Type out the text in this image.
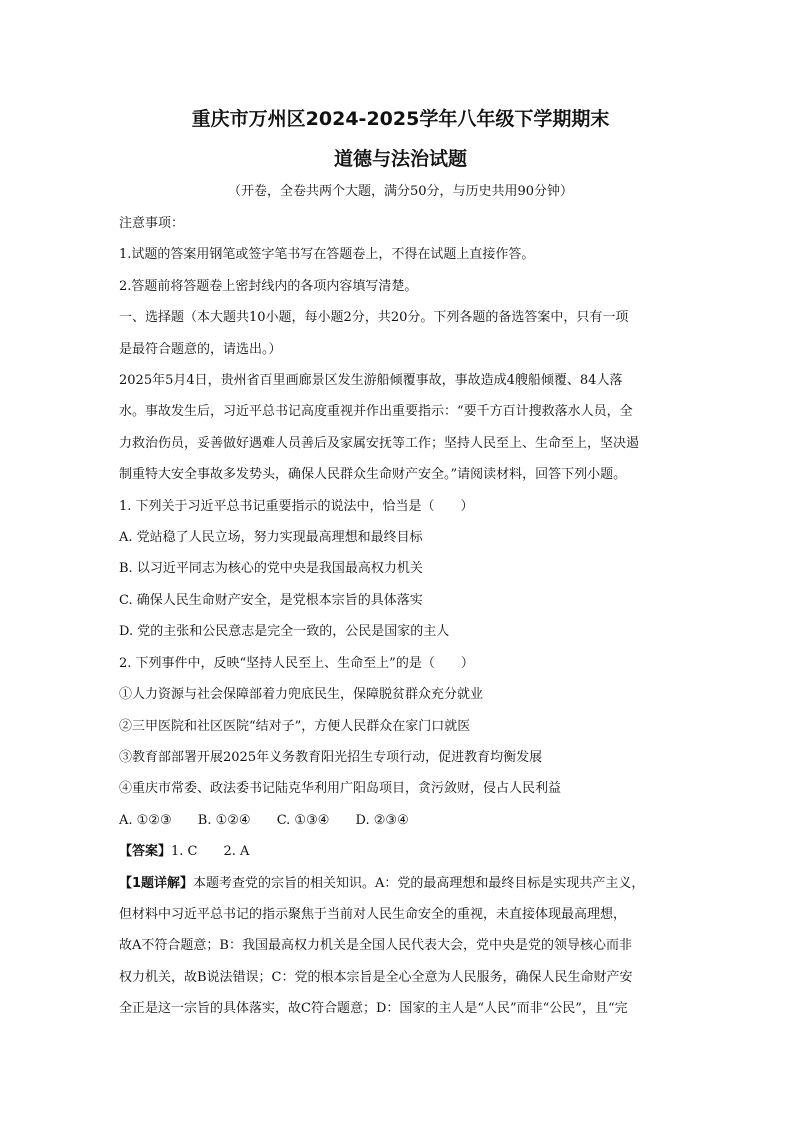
重庆市万州区2024-2025学年八年级下学期期末
道德与法治试题

（开卷，全卷共两个大题，满分50分，与历史共用90分钟）

注意事项：

1.试题的答案用钢笔或签字笔书写在答题卷上，不得在试题上直接作答。

2.答题前将答题卷上密封线内的各项内容填写清楚。

一、选择题（本大题共10小题，每小题2分，共20分。下列各题的备选答案中，只有一项

是最符合题意的，请选出。）

2025年5月4日，贵州省百里画廊景区发生游船倾覆事故，事故造成4艘船倾覆、84人落

水。事故发生后，习近平总书记高度重视并作出重要指示：“要千方百计搜救落水人员，全

力救治伤员，妥善做好遇难人员善后及家属安抚等工作；坚持人民至上、生命至上，坚决遏

制重特大安全事故多发势头，确保人民群众生命财产安全。”请阅读材料，回答下列小题。

1. 下列关于习近平总书记重要指示的说法中，恰当是（　　）

A. 党站稳了人民立场，努力实现最高理想和最终目标

B. 以习近平同志为核心的党中央是我国最高权力机关

C. 确保人民生命财产安全，是党根本宗旨的具体落实

D. 党的主张和公民意志是完全一致的，公民是国家的主人

2. 下列事件中，反映“坚持人民至上、生命至上”的是（　　）

①人力资源与社会保障部着力兜底民生，保障脱贫群众充分就业

②三甲医院和社区医院“结对子”，方便人民群众在家门口就医

③教育部部署开展2025年义务教育阳光招生专项行动，促进教育均衡发展

④重庆市常委、政法委书记陆克华利用广阳岛项目，贪污敛财，侵占人民利益

A. ①②③ B. ①②④ C. ①③④ D. ②③④

【答案】1. C　　2. A

【1题详解】本题考查党的宗旨的相关知识。A：党的最高理想和最终目标是实现共产主义，

但材料中习近平总书记的指示聚焦于当前对人民生命安全的重视，未直接体现最高理想，

故A不符合题意；B：我国最高权力机关是全国人民代表大会，党中央是党的领导核心而非

权力机关，故B说法错误；C：党的根本宗旨是全心全意为人民服务，确保人民生命财产安

全正是这一宗旨的具体落实，故C符合题意；D：国家的主人是“人民”而非“公民”，且“完
